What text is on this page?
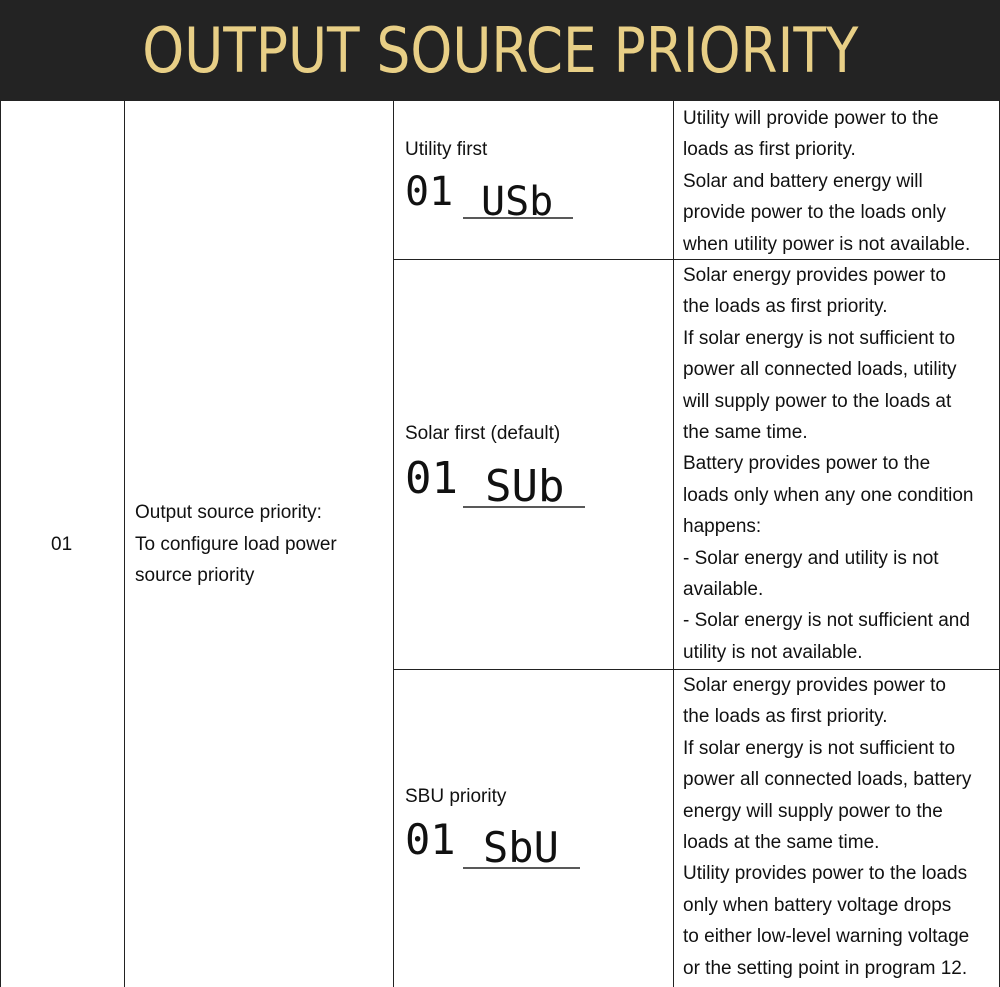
OUTPUT SOURCE PRIORITY
01
Output source priority:
To configure load power
source priority
Utility first
01 USb
Utility will provide power to the
loads as first priority.
Solar and battery energy will
provide power to the loads only
when utility power is not available.
Solar first (default)
01 SUb
Solar energy provides power to
the loads as first priority.
If solar energy is not sufficient to
power all connected loads, utility
will supply power to the loads at
the same time.
Battery provides power to the
loads only when any one condition
happens:
- Solar energy and utility is not
available.
- Solar energy is not sufficient and
utility is not available.
SBU priority
01 SbU
Solar energy provides power to
the loads as first priority.
If solar energy is not sufficient to
power all connected loads, battery
energy will supply power to the
loads at the same time.
Utility provides power to the loads
only when battery voltage drops
to either low-level warning voltage
or the setting point in program 12.
